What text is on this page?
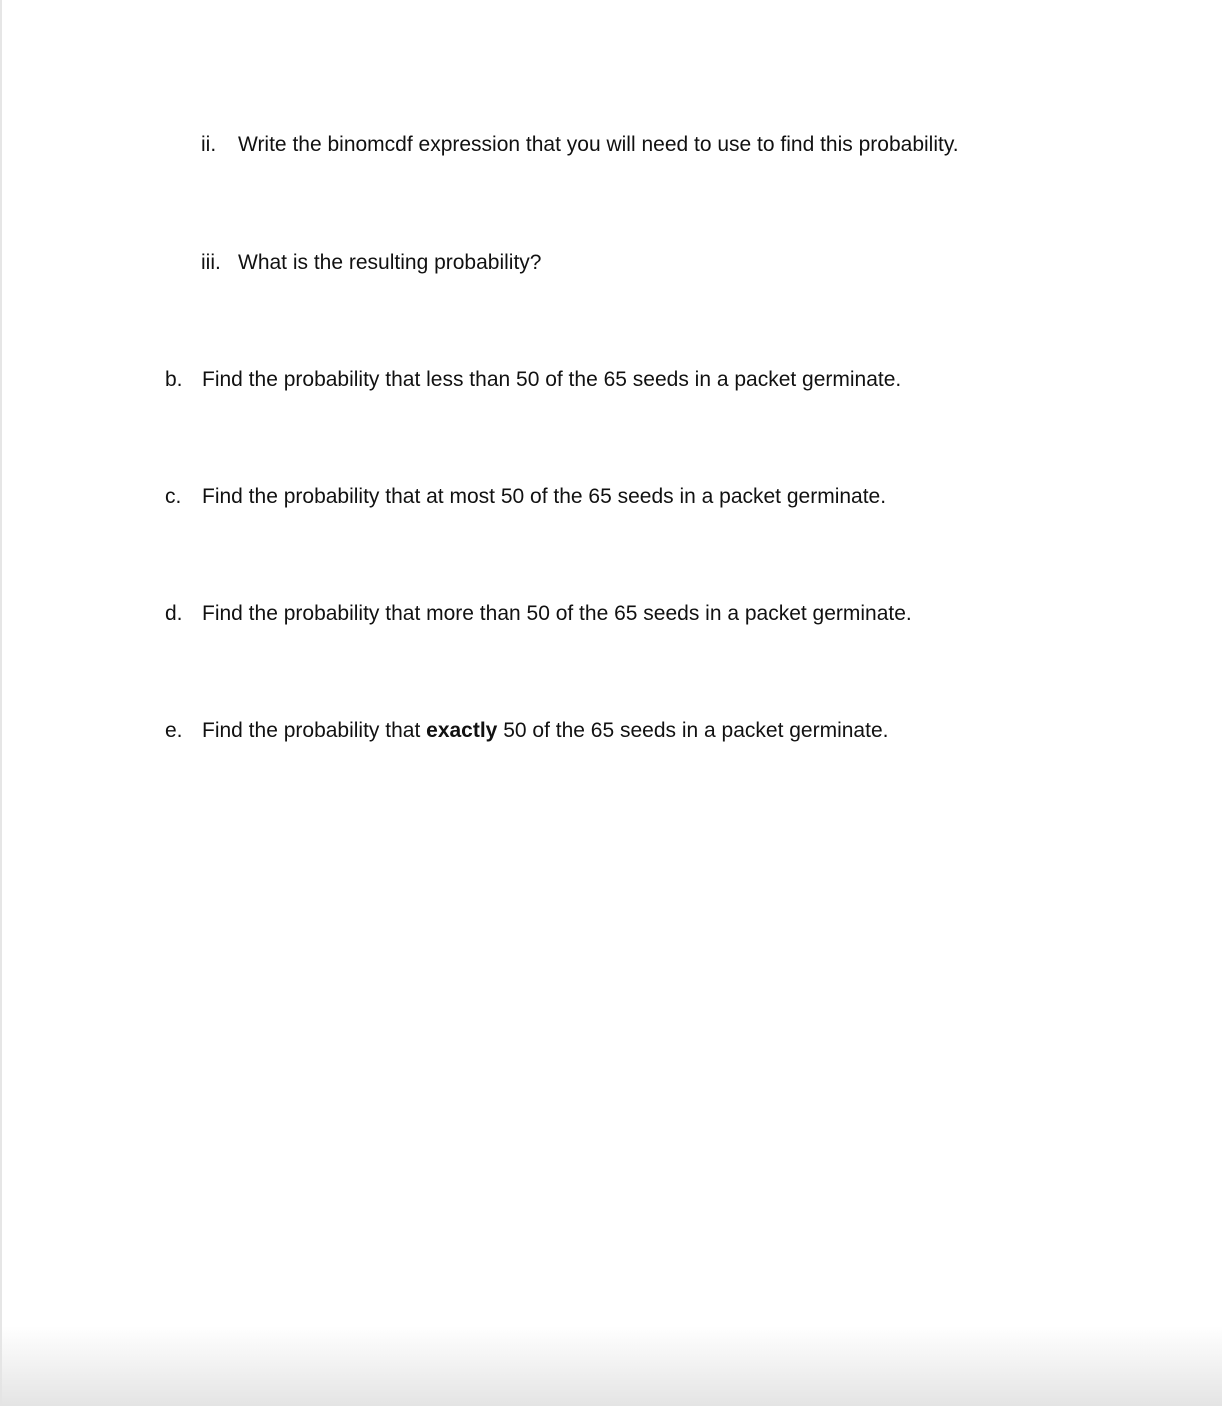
ii. Write the binomcdf expression that you will need to use to find this probability.
iii. What is the resulting probability?
b. Find the probability that less than 50 of the 65 seeds in a packet germinate.
c. Find the probability that at most 50 of the 65 seeds in a packet germinate.
d. Find the probability that more than 50 of the 65 seeds in a packet germinate.
e. Find the probability that exactly 50 of the 65 seeds in a packet germinate.
